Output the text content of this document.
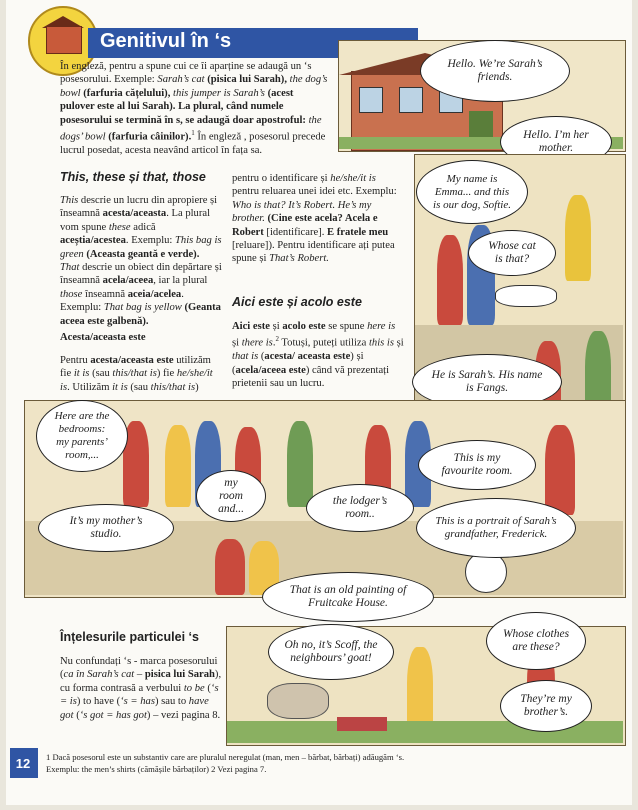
Genitivul în ‘s
În engleză, pentru a spune cui ce îi aparține se adaugă un ‘s posesorului. Exemple: Sarah’s cat (pisica lui Sarah), the dog’s bowl (farfuria cățelului), this jumper is Sarah’s (acest pulover este al lui Sarah). La plural, când numele posesorului se termină în s, se adaugă doar apostroful: the dogs’ bowl (farfuria câinilor).$^1$ În engleză , posesorul precede lucrul posedat, acesta neavând articol în fața sa.
This, these și that, those
This descrie un lucru din apropiere și înseamnă acesta/aceasta. La plural vom spune these adică aceștia/acestea. Exemplu: This bag is green (Aceasta geantă e verde).
That descrie un obiect din depărtare și înseamnă acela/aceea, iar la plural those înseamnă aceia/acelea. Exemplu: That bag is yellow (Geanta aceea este galbenă).
Acesta/aceasta este
Pentru acesta/aceasta este utilizăm fie it is (sau this/that is) fie he/she/it is. Utilizăm it is (sau this/that is)
pentru o identificare și he/she/it is pentru reluarea unei idei etc. Exemplu: Who is that? It’s Robert. He’s my brother. (Cine este acela? Acela e Robert [identificare]. E fratele meu [reluare]). Pentru identificare ați putea spune și That’s Robert.
Aici este și acolo este
Aici este și acolo este se spune here is și there is.$^2$ Totuși, puteți utiliza this is și that is (acesta/ aceasta este) și (acela/aceea este) când vă prezentați prietenii sau un lucru.
Hello. We’re Sarah’s friends.
Hello. I’m her mother.
My name is Emma... and this is our dog, Softie.
Whose cat is that?
He is Sarah’s. His name is Fangs.
Here are the bedrooms: my parents’ room,...
my room and...
the lodger’s room..
This is my favourite room.
It’s my mother’s studio.
This is a portrait of Sarah’s grandfather, Frederick.
That is an old painting of Fruitcake House.
Oh no, it’s Scoff, the neighbours’ goat!
Whose clothes are these?
They’re my brother’s.
Înțelesurile particulei ‘s
Nu confundați ‘s - marca posesorului (ca în Sarah’s cat – pisica lui Sarah), cu forma contrasă a verbului to be (‘s = is) to have (‘s = has) sau to have got (‘s got = has got) – vezi pagina 8.
12	1 Dacă posesorul este un substantiv care are pluralul neregulat (man, men – bărbat, bărbați) adăugăm ‘s.
Exemplu: the men’s shirts (cămășile bărbaților) 2 Vezi pagina 7.
